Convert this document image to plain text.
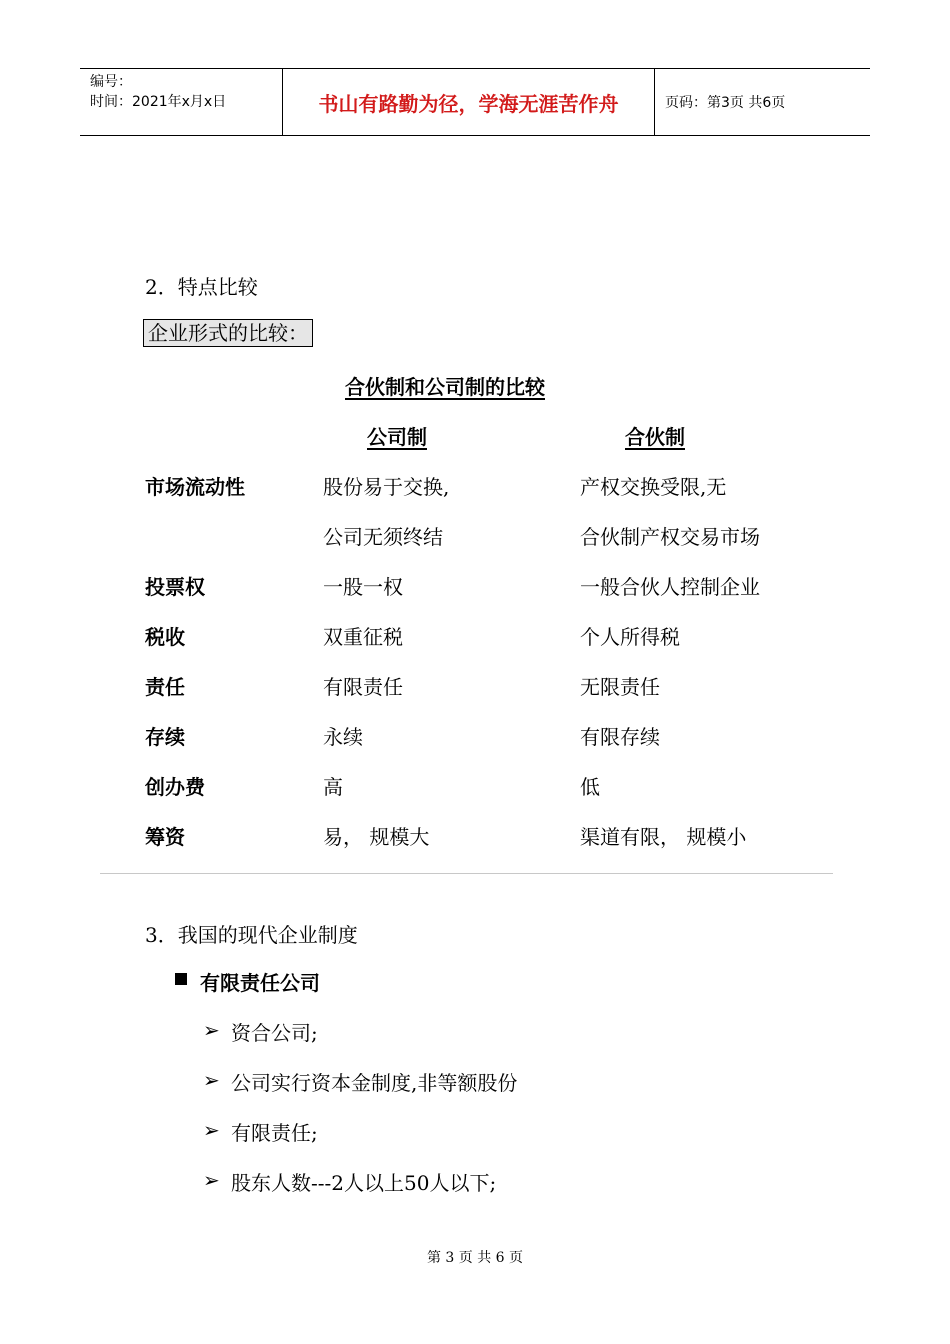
编号：
时间：2021年x月x日	书山有路勤为径，学海无涯苦作舟	页码：第3页 共6页
2．特点比较
企业形式的比较：
合伙制和公司制的比较
公司制	合伙制
市场流动性	股份易于交换,	产权交换受限,无
公司无须终结	合伙制产权交易市场
投票权	一股一权	一般合伙人控制企业
税收	双重征税	个人所得税
责任	有限责任	无限责任
存续	永续	有限存续
创办费	高	低
筹资	易， 规模大	渠道有限， 规模小
3．我国的现代企业制度
有限责任公司
➢ 资合公司;
➢ 公司实行资本金制度,非等额股份
➢ 有限责任;
➢ 股东人数---2人以上50人以下;
第 3 页 共 6 页
